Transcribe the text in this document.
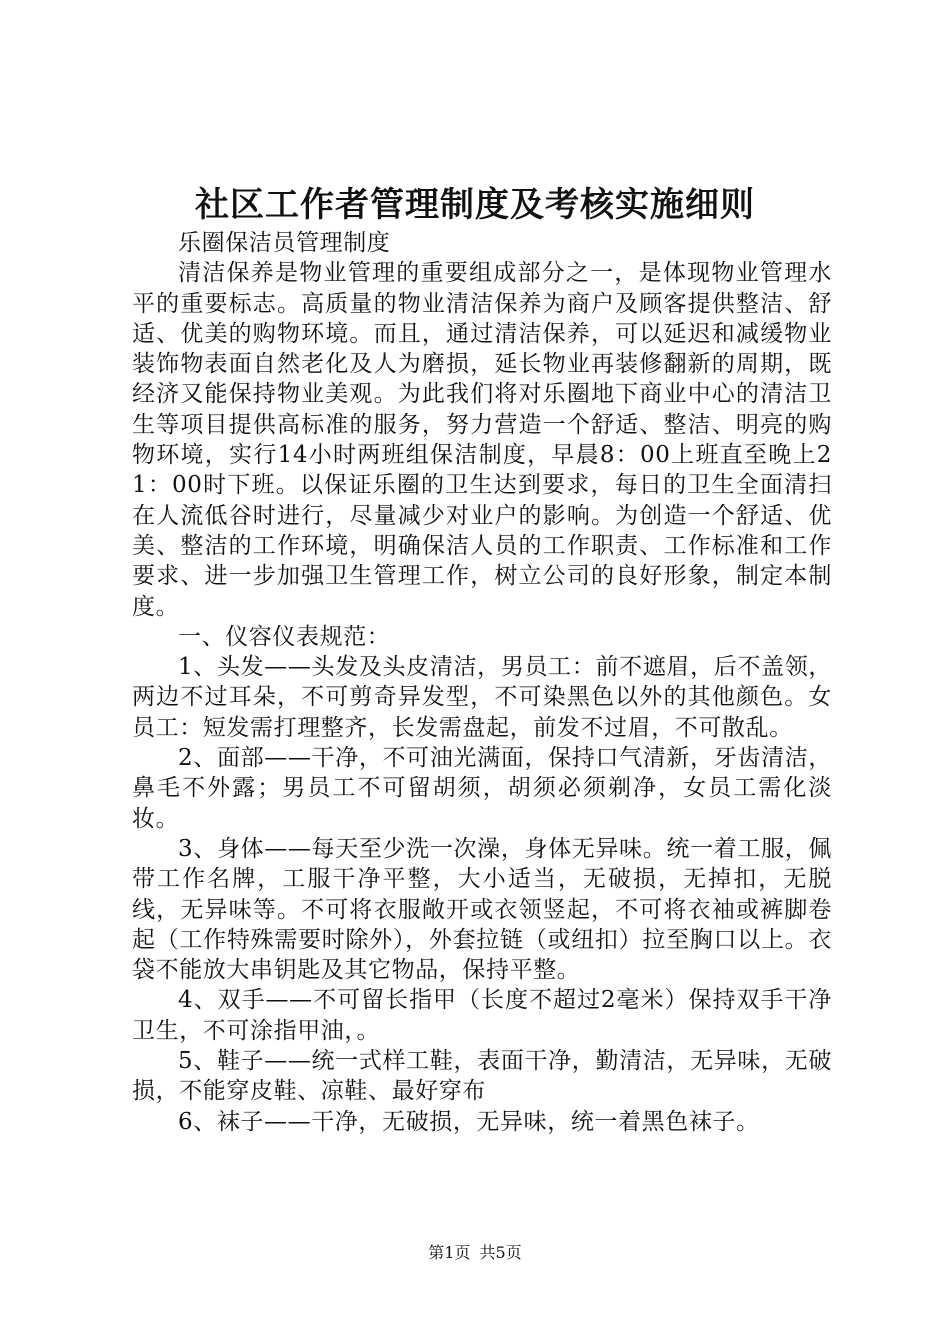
社区工作者管理制度及考核实施细则

乐圈保洁员管理制度

清洁保养是物业管理的重要组成部分之一，是体现物业管理水平的重要标志。高质量的物业清洁保养为商户及顾客提供整洁、舒适、优美的购物环境。而且，通过清洁保养，可以延迟和减缓物业装饰物表面自然老化及人为磨损，延长物业再装修翻新的周期，既经济又能保持物业美观。为此我们将对乐圈地下商业中心的清洁卫生等项目提供高标准的服务，努力营造一个舒适、整洁、明亮的购物环境，实行14小时两班组保洁制度，早晨8：00上班直至晚上21：00时下班。以保证乐圈的卫生达到要求，每日的卫生全面清扫在人流低谷时进行，尽量减少对业户的影响。为创造一个舒适、优美、整洁的工作环境，明确保洁人员的工作职责、工作标准和工作要求、进一步加强卫生管理工作，树立公司的良好形象，制定本制度。

一、仪容仪表规范：

1、头发——头发及头皮清洁，男员工：前不遮眉，后不盖领，两边不过耳朵，不可剪奇异发型，不可染黑色以外的其他颜色。女员工：短发需打理整齐，长发需盘起，前发不过眉，不可散乱。

2、面部——干净，不可油光满面，保持口气清新，牙齿清洁，鼻毛不外露；男员工不可留胡须，胡须必须剃净，女员工需化淡妆。

3、身体——每天至少洗一次澡，身体无异味。统一着工服，佩带工作名牌，工服干净平整，大小适当，无破损，无掉扣，无脱线，无异味等。不可将衣服敞开或衣领竖起，不可将衣袖或裤脚卷起（工作特殊需要时除外），外套拉链（或纽扣）拉至胸口以上。衣袋不能放大串钥匙及其它物品，保持平整。

4、双手——不可留长指甲（长度不超过2毫米）保持双手干净卫生，不可涂指甲油，。

5、鞋子——统一式样工鞋，表面干净，勤清洁，无异味，无破损，不能穿皮鞋、凉鞋、最好穿布

6、袜子——干净，无破损，无异味，统一着黑色袜子。

第1页 共5页
